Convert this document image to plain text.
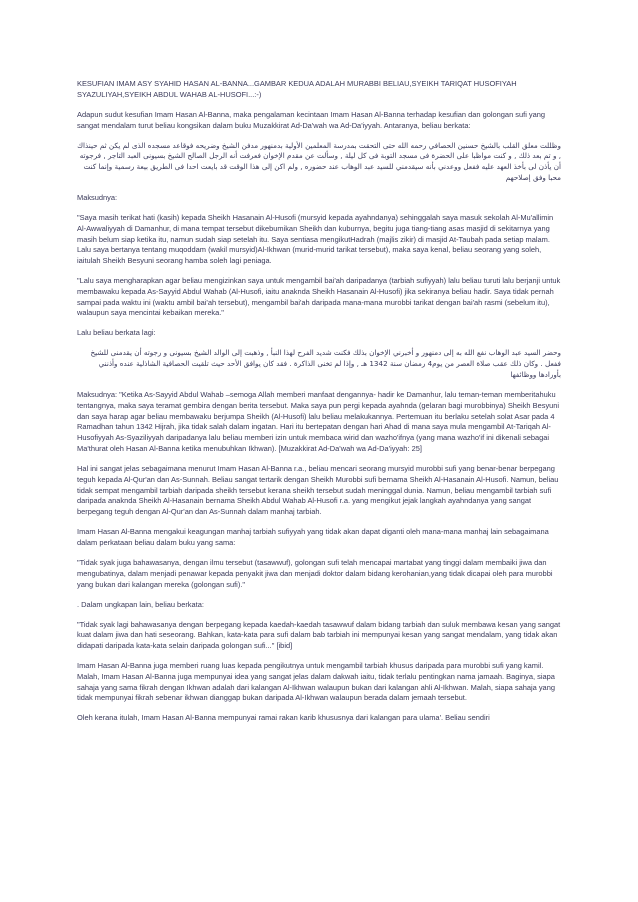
KESUFIAN IMAM ASY SYAHID HASAN AL-BANNA...GAMBAR KEDUA ADALAH MURABBI BELIAU,SYEIKH TARIQAT HUSOFIYAH SYAZULIYAH,SYEIKH ABDUL WAHAB AL-HUSOFI...:-)

Adapun sudut kesufian Imam Hasan Al-Banna, maka pengalaman kecintaan Imam Hasan Al-Banna terhadap kesufian dan golongan sufi yang sangat mendalam turut beliau kongsikan dalam buku Muzakkirat Ad-Da'wah wa Ad-Da'iyyah. Antaranya, beliau berkata:

وظللت معلق القلب بالشيخ حسنين الحصافي رحمه الله حتى التحقت بمدرسة المعلمين الأولية بدمنهور مدفن الشيخ وضريحه فوقاعد مسجده الذى لم يكن ثم حينذاك , و تم بعد ذلك , و كنت مواظبا على الحضرة فى مسجد التوبة فى كل ليلة , وسألت عن مقدم الإخوان فعرفت أنه الرجل الصالح الشيخ بسيونى العبد التاجر , فرجوته أن يأذن لى بأخذ العهد عليه ففعل ووعدني بأنه سيقدمني للسيد عبد الوهاب عند حضوره , ولم اكن إلى هذا الوقت قد بايعت احدا فى الطريق بيعة رسمية وإنما كنت محبا وفق إصلاحهم

Maksudnya:

"Saya masih terikat hati (kasih) kepada Sheikh Hasanain Al-Husofi (mursyid kepada ayahndanya) sehinggalah saya masuk sekolah Al-Mu'allimin Al-Awwaliyyah di Damanhur, di mana tempat tersebut dikebumikan Sheikh dan kuburnya, begitu juga tiang-tiang asas masjid di sekitarnya yang masih belum siap ketika itu, namun sudah siap setelah itu. Saya sentiasa mengikutHadrah (majlis zikir) di masjid At-Taubah pada setiap malam. Lalu saya bertanya tentang muqoddam (wakil mursyid)Al-Ikhwan (murid-murid tarikat tersebut), maka saya kenal, beliau seorang yang soleh, iaitulah Sheikh Besyuni seorang hamba soleh lagi peniaga.

"Lalu saya mengharapkan agar beliau mengizinkan saya untuk mengambil bai'ah daripadanya (tarbiah sufiyyah) lalu beliau turuti lalu berjanji untuk membawaku kepada As-Sayyid Abdul Wahab (Al-Husofi, iaitu anaknda Sheikh Hasanain Al-Husofi) jika sekiranya beliau hadir. Saya tidak pernah sampai pada waktu ini (waktu ambil bai'ah tersebut), mengambil bai'ah daripada mana-mana murobbi tarikat dengan bai'ah rasmi (sebelum itu), walaupun saya mencintai kebaikan mereka."

Lalu beliau berkata lagi:

وحضر السيد عبد الوهاب نفع الله به إلى دمنهور و أخبرني الإخوان بذلك فكنت شديد الفرح لهذا النبأ , وذهبت إلى الوالد الشيخ بسيونى و رجوته أن يقدمنى للشيخ ففعل . وكان ذلك عقب صلاة العصر من يوم4 رمضان سنة 1342 هـ , وإذا لم تخنى الذاكرة . فقد كان يوافق الأحد حيث تلقيت الحصافية الشاذلية عنده وأذنني بأورادها ووظائفها

Maksudnya: "Ketika As-Sayyid Abdul Wahab –semoga Allah memberi manfaat dengannya- hadir ke Damanhur, lalu teman-teman memberitahuku tentangnya, maka saya teramat gembira dengan berita tersebut. Maka saya pun pergi kepada ayahnda (gelaran bagi murobbinya) Sheikh Besyuni dan saya harap agar beliau membawaku berjumpa Sheikh (Al-Husofi) lalu beliau melakukannya. Pertemuan itu berlaku setelah solat Asar pada 4 Ramadhan tahun 1342 Hijrah, jika tidak salah dalam ingatan. Hari itu bertepatan dengan hari Ahad di mana saya mula mengambil At-Tariqah Al-Husofiyyah As-Syaziliyyah daripadanya lalu beliau memberi izin untuk membaca wirid dan wazho'ifnya (yang mana wazho'if ini dikenali sebagai Ma'thurat oleh Hasan Al-Banna ketika menubuhkan Ikhwan). [Muzakkirat Ad-Da'wah wa Ad-Da'iyyah: 25]

Hal ini sangat jelas sebagaimana menurut Imam Hasan Al-Banna r.a., beliau mencari seorang mursyid murobbi sufi yang benar-benar berpegang teguh kepada Al-Qur'an dan As-Sunnah. Beliau sangat tertarik dengan Sheikh Murobbi sufi bernama Sheikh Al-Hasanain Al-Husofi. Namun, beliau tidak sempat mengambil tarbiah daripada sheikh tersebut kerana sheikh tersebut sudah meninggal dunia. Namun, beliau mengambil tarbiah sufi daripada anaknda Sheikh Al-Hasanain bernama Sheikh Abdul Wahab Al-Husofi r.a. yang mengikut jejak langkah ayahndanya yang sangat berpegang teguh dengan Al-Qur'an dan As-Sunnah dalam manhaj tarbiah.

Imam Hasan Al-Banna mengakui keagungan manhaj tarbiah sufiyyah yang tidak akan dapat diganti oleh mana-mana manhaj lain sebagaimana dalam perkataan beliau dalam buku yang sama:

"Tidak syak juga bahawasanya, dengan ilmu tersebut (tasawwuf), golongan sufi telah mencapai martabat yang tinggi dalam membaiki jiwa dan mengubatinya, dalam menjadi penawar kepada penyakit jiwa dan menjadi doktor dalam bidang kerohanian,yang tidak dicapai oleh para murobbi yang bukan dari kalangan mereka (golongan sufi)."

. Dalam ungkapan lain, beliau berkata:

"Tidak syak lagi bahawasanya dengan berpegang kepada kaedah-kaedah tasawwuf dalam bidang tarbiah dan suluk membawa kesan yang sangat kuat dalam jiwa dan hati seseorang. Bahkan, kata-kata para sufi dalam bab tarbiah ini mempunyai kesan yang sangat mendalam, yang tidak akan didapati daripada kata-kata selain daripada golongan sufi..." [ibid]

Imam Hasan Al-Banna juga memberi ruang luas kepada pengikutnya untuk mengambil tarbiah khusus daripada para murobbi sufi yang kamil. Malah, Imam Hasan Al-Banna juga mempunyai idea yang sangat jelas dalam dakwah iaitu, tidak terlalu pentingkan nama jamaah. Baginya, siapa sahaja yang sama fikrah dengan Ikhwan adalah dari kalangan Al-Ikhwan walaupun bukan dari kalangan ahli Al-Ikhwan. Malah, siapa sahaja yang tidak mempunyai fikrah sebenar ikhwan dianggap bukan daripada Al-Ikhwan walaupun berada dalam jemaah tersebut.

Oleh kerana itulah, Imam Hasan Al-Banna mempunyai ramai rakan karib khususnya dari kalangan para ulama'. Beliau sendiri
